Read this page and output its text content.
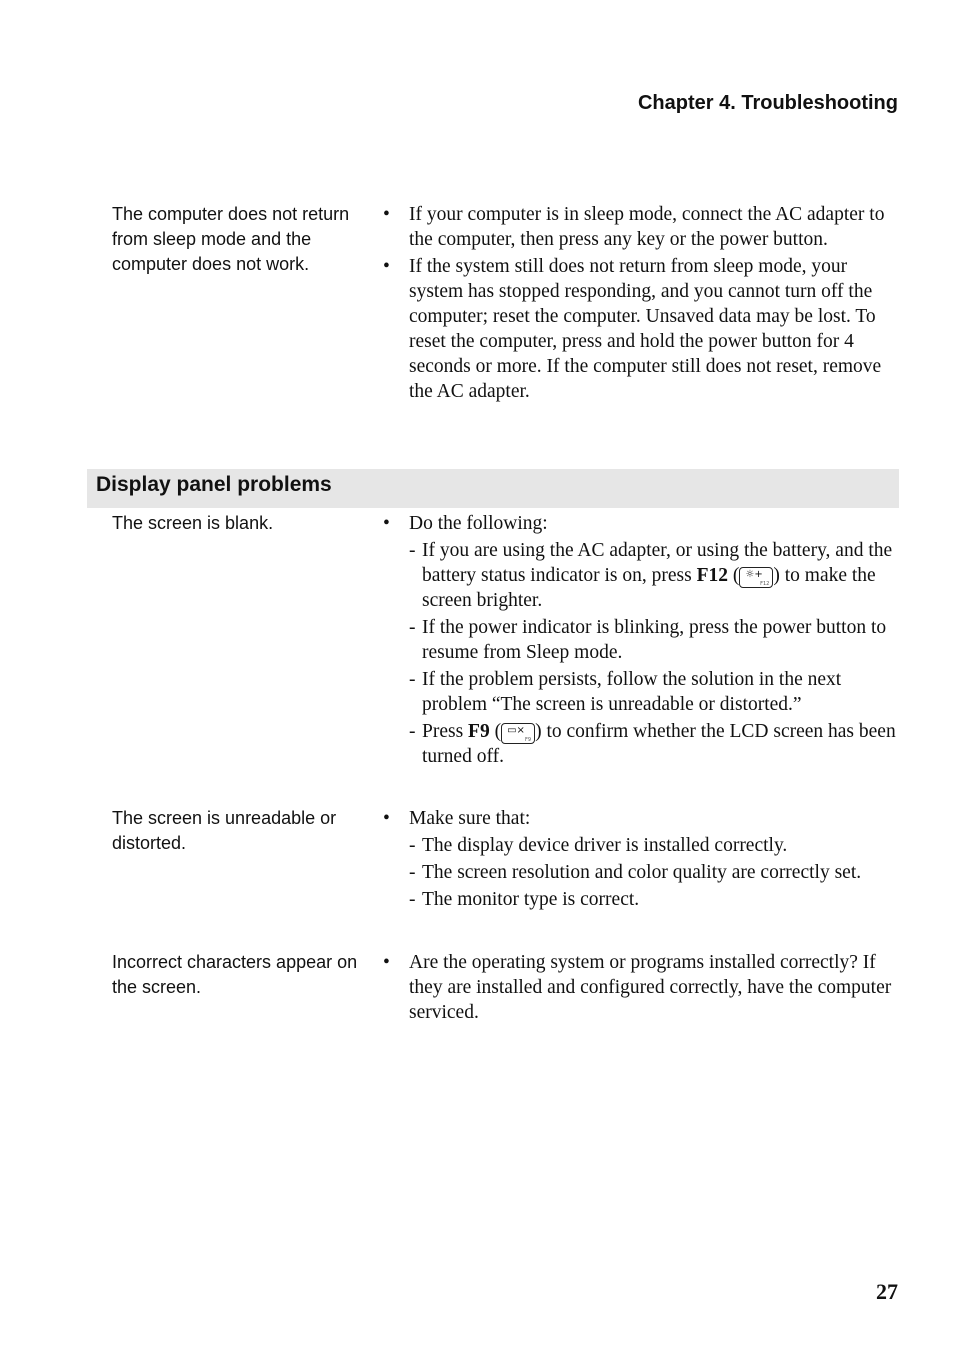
Chapter 4. Troubleshooting
The computer does not return from sleep mode and the computer does not work.
• If your computer is in sleep mode, connect the AC adapter to the computer, then press any key or the power button.
• If the system still does not return from sleep mode, your system has stopped responding, and you cannot turn off the computer; reset the computer. Unsaved data may be lost. To reset the computer, press and hold the power button for 4 seconds or more. If the computer still does not reset, remove the AC adapter.
Display panel problems
The screen is blank.	• Do the following:
- If you are using the AC adapter, or using the battery, and the battery status indicator is on, press F12 ( ☼+
F12 ) to make the screen brighter.
- If the power indicator is blinking, press the power button to resume from Sleep mode.
- If the problem persists, follow the solution in the next problem “The screen is unreadable or distorted.”
- Press F9 ( ▭×
F9 ) to confirm whether the LCD screen has been turned off.
The screen is unreadable or distorted.
• Make sure that:
- The display device driver is installed correctly.
- The screen resolution and color quality are correctly set.
- The monitor type is correct.
Incorrect characters appear on the screen.
• Are the operating system or programs installed correctly? If they are installed and configured correctly, have the computer serviced.
27
